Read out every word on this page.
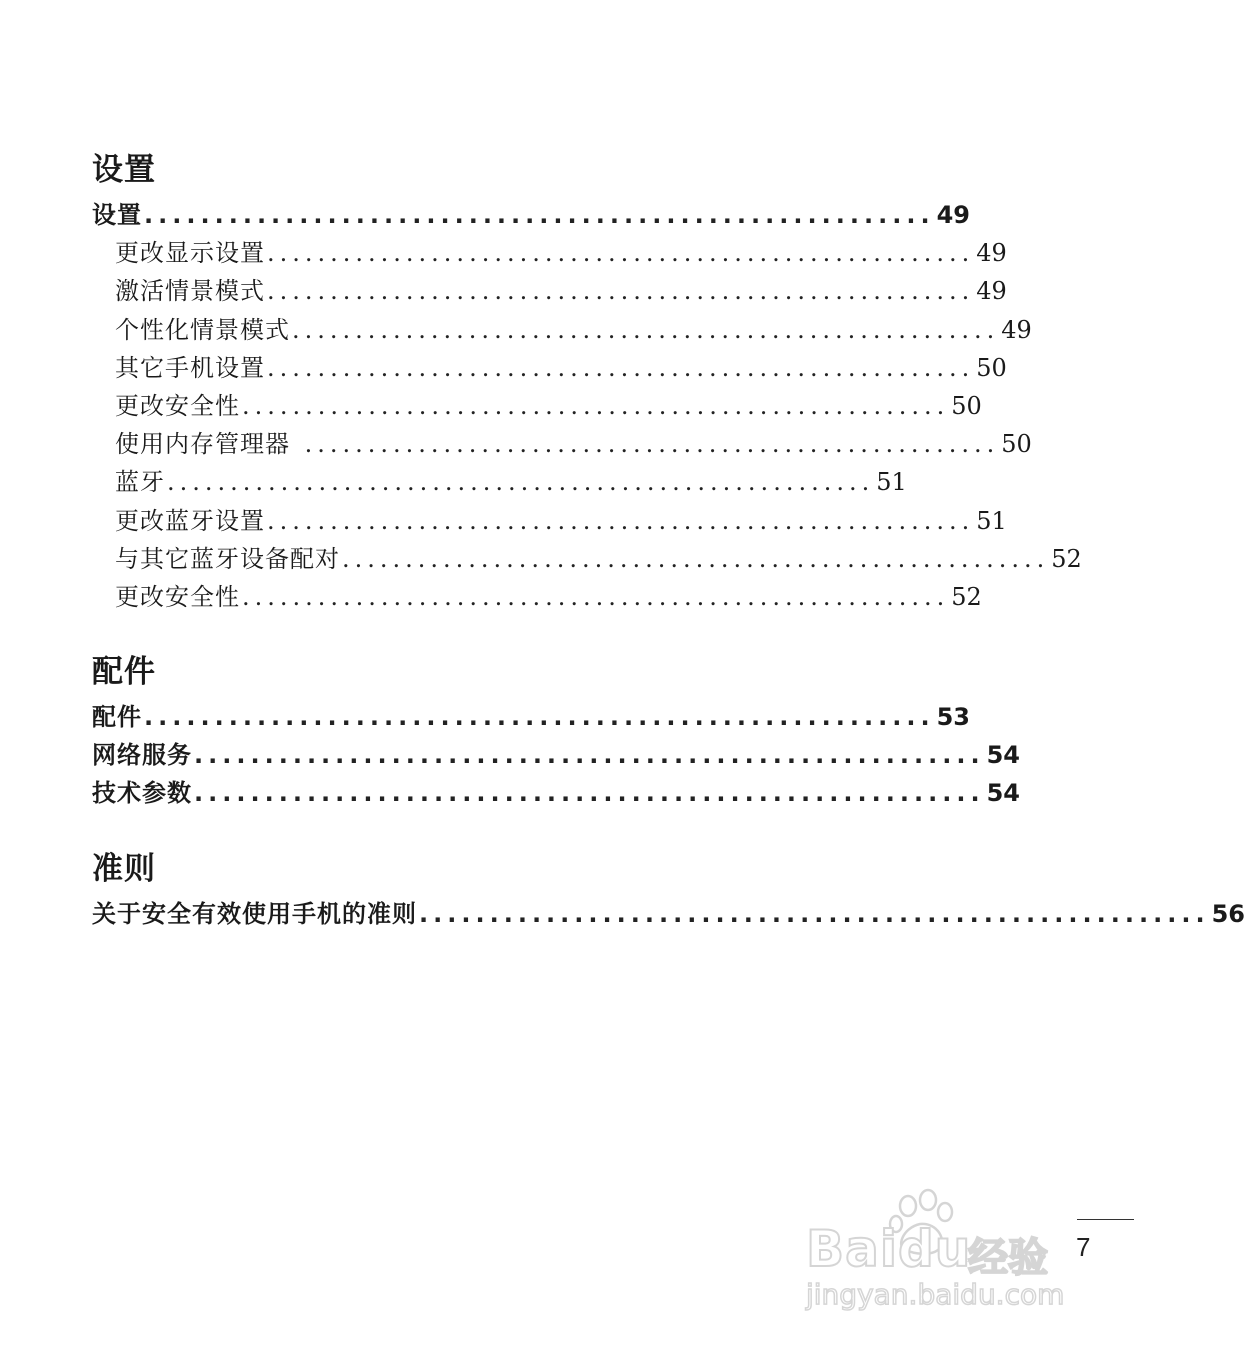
设置
设置 ........................................................ 49
更改显示设置 ........................................................ 49
激活情景模式 ........................................................ 49
个性化情景模式 ........................................................ 49
其它手机设置 ........................................................ 50
更改安全性 ........................................................ 50
使用内存管理器 ....................................................... 50
蓝牙 ........................................................ 51
更改蓝牙设置 ........................................................ 51
与其它蓝牙设备配对 ........................................................ 52
更改安全性 ........................................................ 52
配件
配件 ........................................................ 53
网络服务 ........................................................ 54
技术参数 ........................................................ 54
准则
关于安全有效使用手机的准则 ........................................................ 56
7
Baidu
经验
jingyan.baidu.com
